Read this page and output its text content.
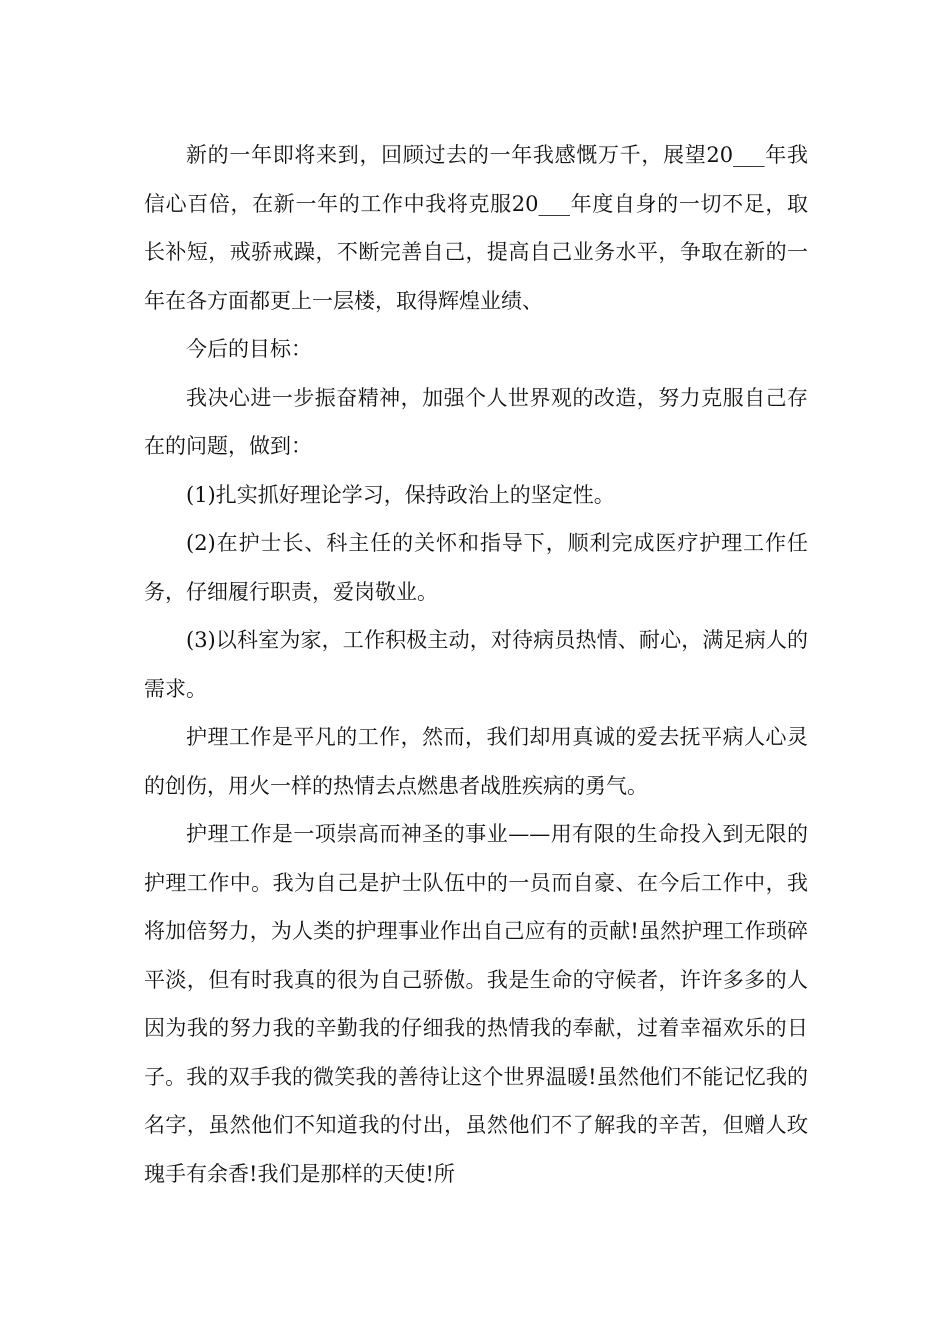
新的一年即将来到，回顾过去的一年我感慨万千，展望20___年我信心百倍，在新一年的工作中我将克服20___年度自身的一切不足，取长补短，戒骄戒躁，不断完善自己，提高自己业务水平，争取在新的一年在各方面都更上一层楼，取得辉煌业绩、

今后的目标：

我决心进一步振奋精神，加强个人世界观的改造，努力克服自己存在的问题，做到：

(1)扎实抓好理论学习，保持政治上的坚定性。

(2)在护士长、科主任的关怀和指导下，顺利完成医疗护理工作任务，仔细履行职责，爱岗敬业。

(3)以科室为家，工作积极主动，对待病员热情、耐心，满足病人的需求。

护理工作是平凡的工作，然而，我们却用真诚的爱去抚平病人心灵的创伤，用火一样的热情去点燃患者战胜疾病的勇气。

护理工作是一项崇高而神圣的事业——用有限的生命投入到无限的护理工作中。我为自己是护士队伍中的一员而自豪、在今后工作中，我将加倍努力，为人类的护理事业作出自己应有的贡献!虽然护理工作琐碎平淡，但有时我真的很为自己骄傲。我是生命的守候者，许许多多的人因为我的努力我的辛勤我的仔细我的热情我的奉献，过着幸福欢乐的日子。我的双手我的微笑我的善待让这个世界温暖!虽然他们不能记忆我的名字，虽然他们不知道我的付出，虽然他们不了解我的辛苦，但赠人玫瑰手有余香!我们是那样的天使!所
